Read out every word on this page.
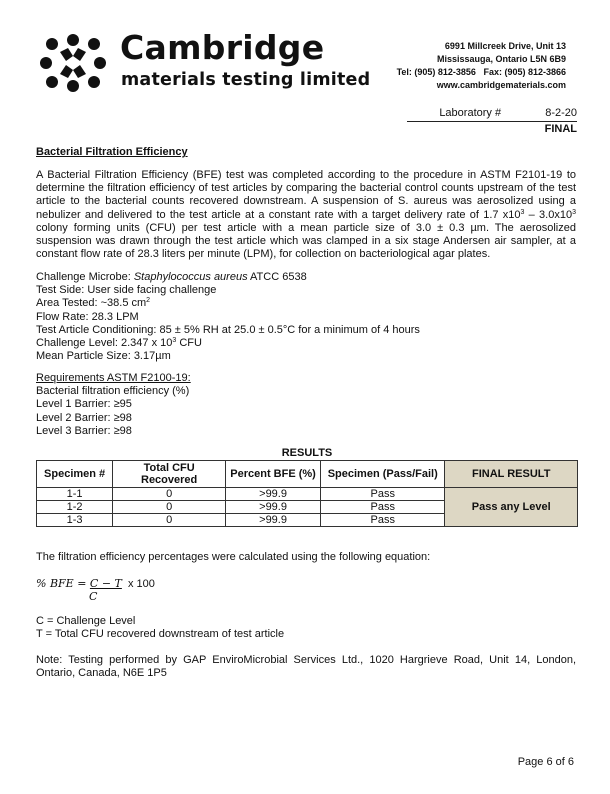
Cambridge
materials testing limited
6991 Millcreek Drive, Unit 13
Mississauga, Ontario L5N 6B9
Tel: (905) 812-3856   Fax: (905) 812-3866
www.cambridgematerials.com
Laboratory #	8-2-20
FINAL
Bacterial Filtration Efficiency
A Bacterial Filtration Efficiency (BFE) test was completed according to the procedure in ASTM F2101-19 to determine the filtration efficiency of test articles by comparing the bacterial control counts upstream of the test article to the bacterial counts recovered downstream. A suspension of S. aureus was aerosolized using a nebulizer and delivered to the test article at a constant rate with a target delivery rate of 1.7 $x10^3 - 3.0x10^3$ colony forming units (CFU) per test article with a mean particle size of 3.0 ± 0.3 µm. The aerosolized suspension was drawn through the test article which was clamped in a six stage Andersen air sampler, at a constant flow rate of 28.3 liters per minute (LPM), for collection on bacteriological agar plates.
Challenge Microbe: Staphylococcus aureus ATCC 6538
Test Side: User side facing challenge
Area Tested: ~38.5 $cm^2$
Flow Rate: 28.3 LPM
Test Article Conditioning: 85 ± 5% RH at 25.0 ± 0.5°C for a minimum of 4 hours
Challenge Level: 2.347 x $10^3$ CFU
Mean Particle Size: 3.17µm
Requirements ASTM F2100-19:
Bacterial filtration efficiency (%)
Level 1 Barrier: ≥95
Level 2 Barrier: ≥98
Level 3 Barrier: ≥98
RESULTS
Specimen #	Total CFU Recovered	Percent BFE (%)	Specimen (Pass/Fail)	FINAL RESULT
1-1	0	>99.9	Pass	Pass any Level
1-2	0	>99.9	Pass	
1-3	0	>99.9	Pass	
The filtration efficiency percentages were calculated using the following equation:
% BFE = C − T  x 100
C
C = Challenge Level
T = Total CFU recovered downstream of test article
Note: Testing performed by GAP EnviroMicrobial Services Ltd., 1020 Hargrieve Road, Unit 14, London, Ontario, Canada, N6E 1P5
Page 6 of 6
